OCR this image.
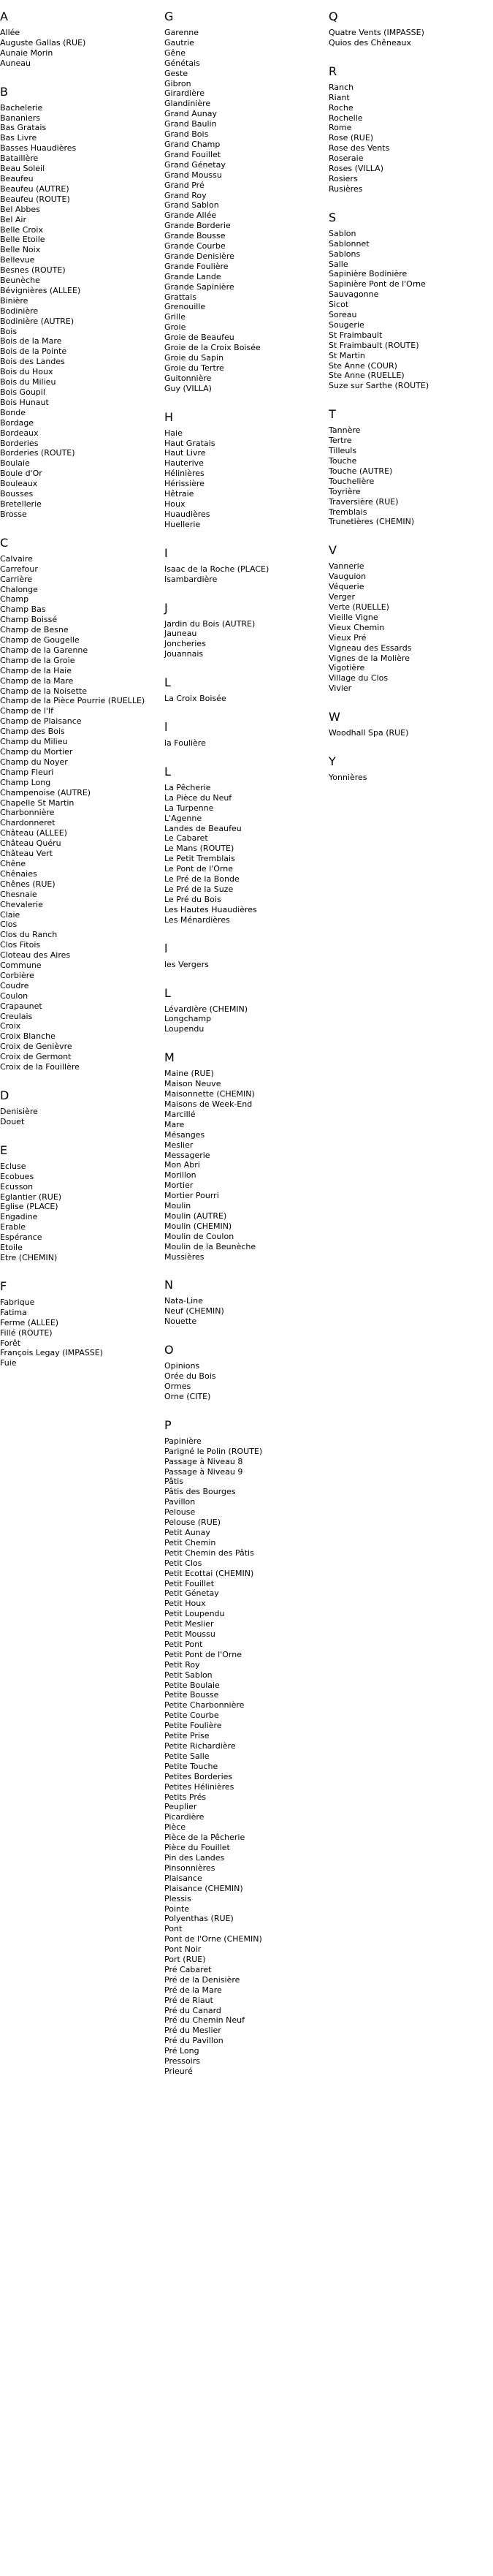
A
Allée
Auguste Gallas (RUE)
Aunaie Morin
Auneau
B
Bachelerie
Bananiers
Bas Gratais
Bas Livre
Basses Huaudières
Bataillère
Beau Soleil
Beaufeu
Beaufeu (AUTRE)
Beaufeu (ROUTE)
Bel Abbes
Bel Air
Belle Croix
Belle Etoile
Belle Noix
Bellevue
Besnes (ROUTE)
Beunèche
Bévignières (ALLEE)
Binière
Bodinière
Bodinière (AUTRE)
Bois
Bois de la Mare
Bois de la Pointe
Bois des Landes
Bois du Houx
Bois du Milieu
Bois Goupil
Bois Hunaut
Bonde
Bordage
Bordeaux
Borderies
Borderies (ROUTE)
Boulaie
Boule d'Or
Bouleaux
Bousses
Bretellerie
Brosse
C
Calvaire
Carrefour
Carrière
Chalonge
Champ
Champ Bas
Champ Boissé
Champ de Besne
Champ de Gougelle
Champ de la Garenne
Champ de la Groie
Champ de la Haie
Champ de la Mare
Champ de la Noisette
Champ de la Pièce Pourrie (RUELLE)
Champ de l'If
Champ de Plaisance
Champ des Bois
Champ du Milieu
Champ du Mortier
Champ du Noyer
Champ Fleuri
Champ Long
Champenoise (AUTRE)
Chapelle St Martin
Charbonnière
Chardonneret
Château (ALLEE)
Château Quéru
Château Vert
Chêne
Chênaies
Chênes (RUE)
Chesnaie
Chevalerie
Claie
Clos
Clos du Ranch
Clos Fitois
Cloteau des Aires
Commune
Corbière
Coudre
Coulon
Crapaunet
Creulais
Croix
Croix Blanche
Croix de Genièvre
Croix de Germont
Croix de la Fouillère
D
Denisière
Douet
E
Ecluse
Ecobues
Ecusson
Eglantier (RUE)
Eglise (PLACE)
Engadine
Erable
Espérance
Etoile
Etre (CHEMIN)
F
Fabrique
Fatima
Ferme (ALLEE)
Fillé (ROUTE)
Forêt
François Legay (IMPASSE)
Fuie
G
Garenne
Gautrie
Gêne
Génétais
Geste
Gibron
Girardière
Glandinière
Grand Aunay
Grand Baulin
Grand Bois
Grand Champ
Grand Fouillet
Grand Génetay
Grand Moussu
Grand Pré
Grand Roy
Grand Sablon
Grande Allée
Grande Borderie
Grande Bousse
Grande Courbe
Grande Denisière
Grande Foulière
Grande Lande
Grande Sapinière
Grattais
Grenouille
Grille
Groie
Groie de Beaufeu
Groie de la Croix Boisée
Groie du Sapin
Groie du Tertre
Guitonnière
Guy (VILLA)
H
Haie
Haut Gratais
Haut Livre
Hauterive
Hélinières
Hérissière
Hêtraie
Houx
Huaudières
Huellerie
I
Isaac de la Roche (PLACE)
Isambardière
J
Jardin du Bois (AUTRE)
Jauneau
Joncheries
Jouannais
L
La Croix Boisée
l
la Foulière
L
La Pêcherie
La Pièce du Neuf
La Turpenne
L'Agenne
Landes de Beaufeu
Le Cabaret
Le Mans (ROUTE)
Le Petit Tremblais
Le Pont de l'Orne
Le Pré de la Bonde
Le Pré de la Suze
Le Pré du Bois
Les Hautes Huaudières
Les Ménardières
l
les Vergers
L
Lévardière (CHEMIN)
Longchamp
Loupendu
M
Maine (RUE)
Maison Neuve
Maisonnette (CHEMIN)
Maisons de Week-End
Marcillé
Mare
Mésanges
Meslier
Messagerie
Mon Abri
Morillon
Mortier
Mortier Pourri
Moulin
Moulin (AUTRE)
Moulin (CHEMIN)
Moulin de Coulon
Moulin de la Beunèche
Mussières
N
Nata-Line
Neuf (CHEMIN)
Nouette
O
Opinions
Orée du Bois
Ormes
Orne (CITE)
P
Papinière
Parigné le Polin (ROUTE)
Passage à Niveau 8
Passage à Niveau 9
Pâtis
Pâtis des Bourges
Pavillon
Pelouse
Pelouse (RUE)
Petit Aunay
Petit Chemin
Petit Chemin des Pâtis
Petit Clos
Petit Ecottai (CHEMIN)
Petit Fouillet
Petit Génetay
Petit Houx
Petit Loupendu
Petit Meslier
Petit Moussu
Petit Pont
Petit Pont de l'Orne
Petit Roy
Petit Sablon
Petite Boulaie
Petite Bousse
Petite Charbonnière
Petite Courbe
Petite Foulière
Petite Prise
Petite Richardière
Petite Salle
Petite Touche
Petites Borderies
Petites Hélinières
Petits Prés
Peuplier
Picardière
Pièce
Pièce de la Pêcherie
Pièce du Fouillet
Pin des Landes
Pinsonnières
Plaisance
Plaisance (CHEMIN)
Plessis
Pointe
Polyenthas (RUE)
Pont
Pont de l'Orne (CHEMIN)
Pont Noir
Port (RUE)
Pré Cabaret
Pré de la Denisière
Pré de la Mare
Pré de Riaut
Pré du Canard
Pré du Chemin Neuf
Pré du Meslier
Pré du Pavillon
Pré Long
Pressoirs
Prieuré
Q
Quatre Vents (IMPASSE)
Quios des Chêneaux
R
Ranch
Riant
Roche
Rochelle
Rome
Rose (RUE)
Rose des Vents
Roseraie
Roses (VILLA)
Rosiers
Rusières
S
Sablon
Sablonnet
Sablons
Salle
Sapinière Bodinière
Sapinière Pont de l'Orne
Sauvagonne
Sicot
Soreau
Sougerie
St Fraimbault
St Fraimbault (ROUTE)
St Martin
Ste Anne (COUR)
Ste Anne (RUELLE)
Suze sur Sarthe (ROUTE)
T
Tannère
Tertre
Tilleuls
Touche
Touche (AUTRE)
Touchelière
Toyrière
Traversière (RUE)
Tremblais
Trunetières (CHEMIN)
V
Vannerie
Vauguion
Véquerie
Verger
Verte (RUELLE)
Vieille Vigne
Vieux Chemin
Vieux Pré
Vigneau des Essards
Vignes de la Molière
Vigotière
Village du Clos
Vivier
W
Woodhall Spa (RUE)
Y
Yonnières
